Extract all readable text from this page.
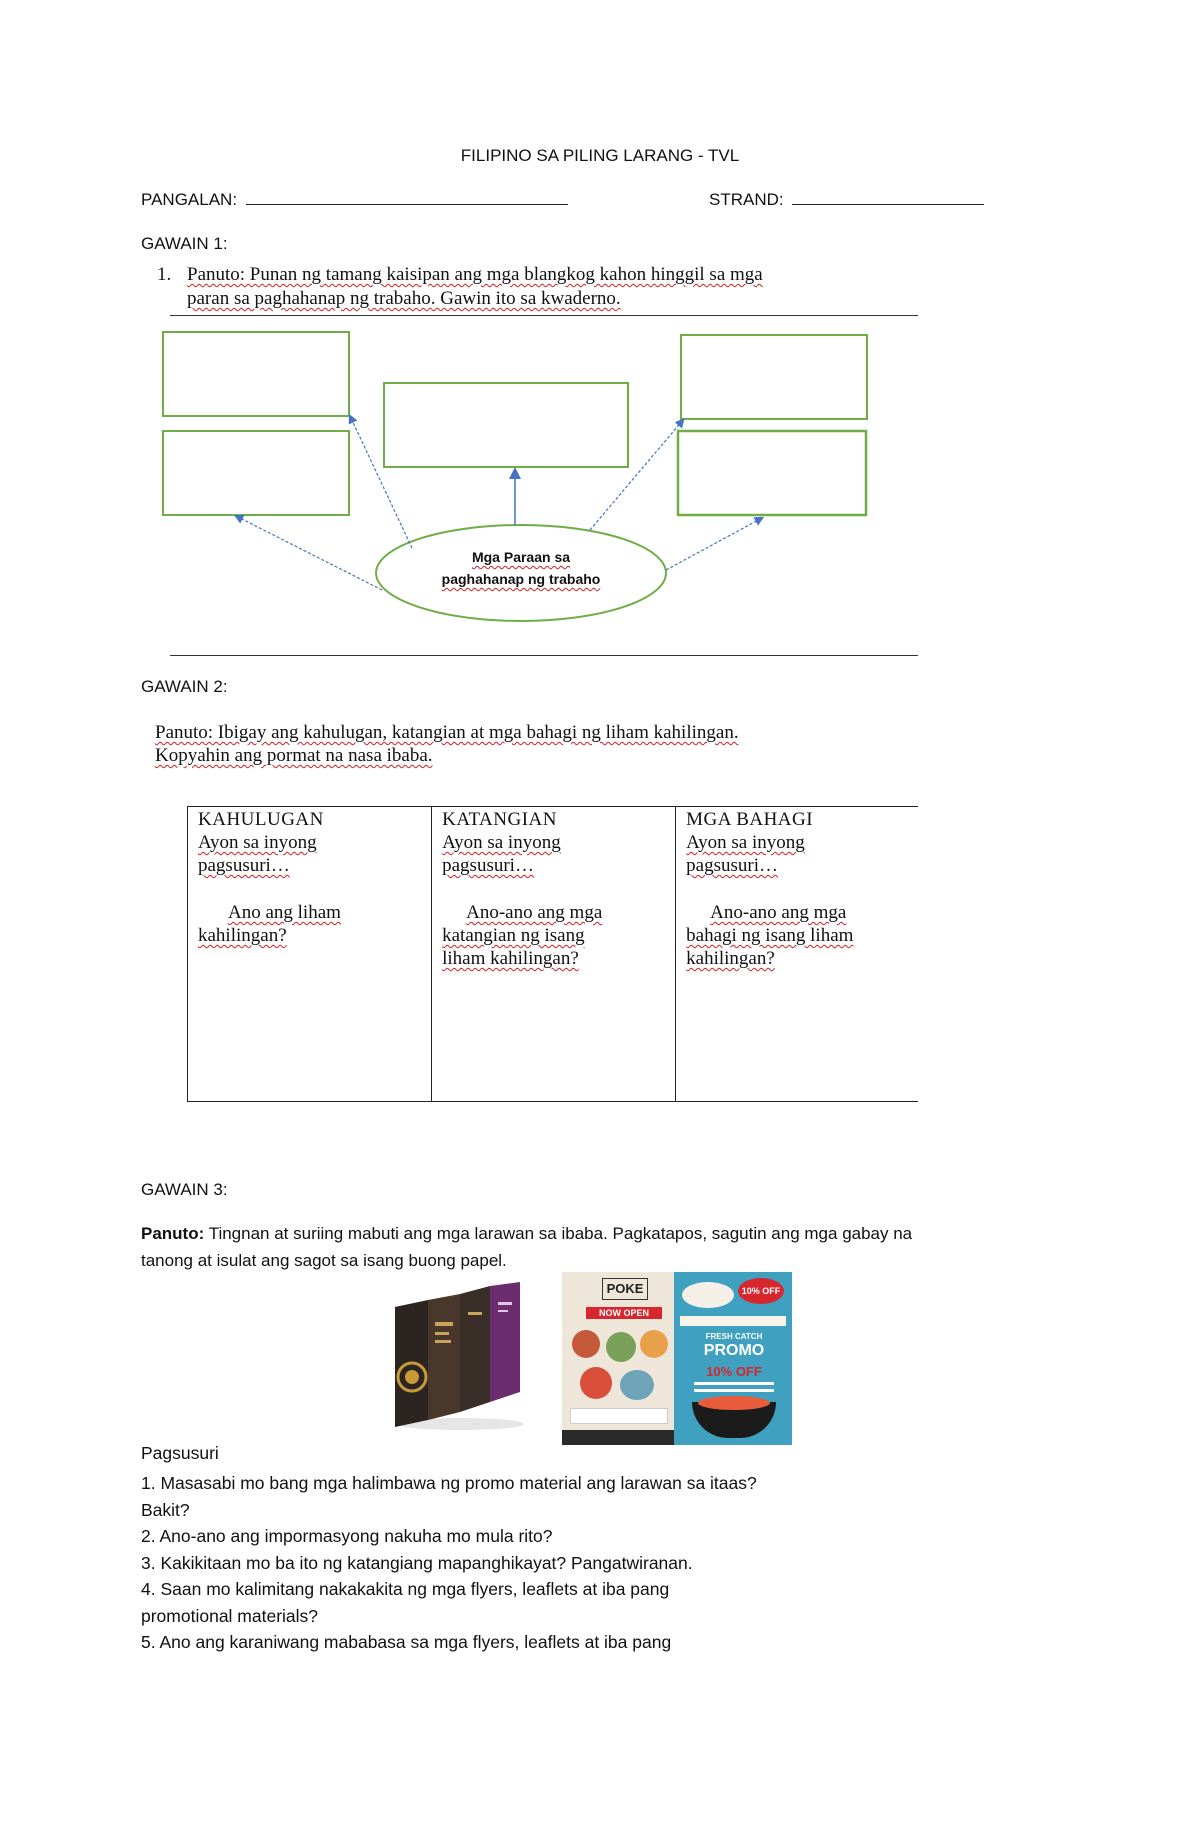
FILIPINO SA PILING LARANG - TVL
PANGALAN:	STRAND:
GAWAIN 1:
1. Panuto: Punan ng tamang kaisipan ang mga blangkog kahon hinggil sa mga
paran sa paghahanap ng trabaho. Gawin ito sa kwaderno.
Mga Paraan sa
paghahanap ng trabaho
GAWAIN 2:
Panuto: Ibigay ang kahulugan, katangian at mga bahagi ng liham kahilingan.
Kopyahin ang pormat na nasa ibaba.
KAHULUGAN
Ayon sa inyong
pagsusuri…
Ano ang liham
kahilingan?

KATANGIAN
Ayon sa inyong
pagsusuri…
Ano-ano ang mga
katangian ng isang
liham kahilingan?

MGA BAHAGI
Ayon sa inyong
pagsusuri…
Ano-ano ang mga
bahagi ng isang liham
kahilingan?
GAWAIN 3:
Panuto: Tingnan at suriing mabuti ang mga larawan sa ibaba. Pagkatapos, sagutin ang mga gabay na
tanong at isulat ang sagot sa isang buong papel.
POKE
NOW OPEN
10% OFF
FRESH CATCH
PROMO
10% OFF
Pagsusuri
1. Masasabi mo bang mga halimbawa ng promo material ang larawan sa itaas?
Bakit?
2. Ano-ano ang impormasyong nakuha mo mula rito?
3. Kakikitaan mo ba ito ng katangiang mapanghikayat? Pangatwiranan.
4. Saan mo kalimitang nakakakita ng mga flyers, leaflets at iba pang
promotional materials?
5. Ano ang karaniwang mababasa sa mga flyers, leaflets at iba pang
